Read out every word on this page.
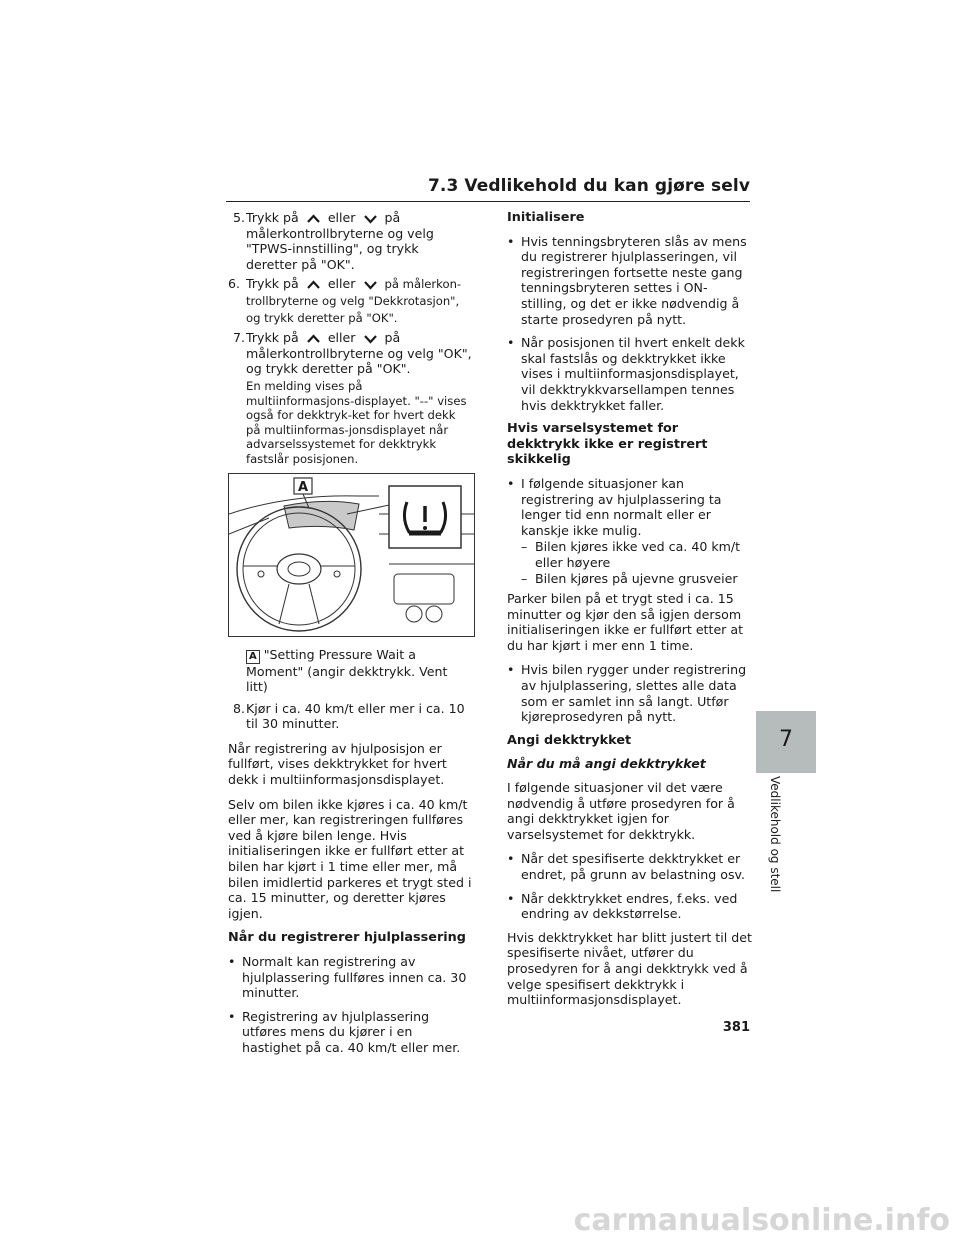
7.3 Vedlikehold du kan gjøre selv
5. Trykk på eller på målerkontrollbryterne og velg "TPWS-innstilling", og trykk deretter på "OK".
6. Trykk på eller	på målerkon-trollbryterne og velg "Dekkrotasjon", og trykk deretter på "OK".
7. Trykk på eller på målerkontrollbryterne og velg "OK", og trykk deretter på "OK".
En melding vises på multiinformasjons-displayet. "--" vises også for dekktryk-ket for hvert dekk på multiinformas-jonsdisplayet når advarselssystemet for dekktrykk fastslår posisjonen.
A
A "Setting Pressure Wait a Moment" (angir dekktrykk. Vent litt)
8. Kjør i ca. 40 km/t eller mer i ca. 10 til 30 minutter.

Når registrering av hjulposisjon er fullført, vises dekktrykket for hvert dekk i multiinformasjonsdisplayet.

Selv om bilen ikke kjøres i ca. 40 km/t eller mer, kan registreringen fullføres ved å kjøre bilen lenge. Hvis initialiseringen ikke er fullført etter at bilen har kjørt i 1 time eller mer, må bilen imidlertid parkeres et trygt sted i ca. 15 minutter, og deretter kjøres igjen.

Når du registrerer hjulplassering
• Normalt kan registrering av hjulplassering fullføres innen ca. 30 minutter.
• Registrering av hjulplassering utføres mens du kjører i en hastighet på ca. 40 km/t eller mer.
Initialisere
• Hvis tenningsbryteren slås av mens du registrerer hjulplasseringen, vil registreringen fortsette neste gang tenningsbryteren settes i ON-stilling, og det er ikke nødvendig å starte prosedyren på nytt.
• Når posisjonen til hvert enkelt dekk skal fastslås og dekktrykket ikke vises i multiinformasjonsdisplayet, vil dekktrykkvarsellampen tennes hvis dekktrykket faller.
Hvis varselsystemet for dekktrykk ikke er registrert skikkelig
• I følgende situasjoner kan registrering av hjulplassering ta lenger tid enn normalt eller er kanskje ikke mulig.
– Bilen kjøres ikke ved ca. 40 km/t eller høyere
– Bilen kjøres på ujevne grusveier

Parker bilen på et trygt sted i ca. 15 minutter og kjør den så igjen dersom initialiseringen ikke er fullført etter at du har kjørt i mer enn 1 time.

• Hvis bilen rygger under registrering av hjulplassering, slettes alle data som er samlet inn så langt. Utfør kjøreprosedyren på nytt.
Angi dekktrykket
Når du må angi dekktrykket

I følgende situasjoner vil det være nødvendig å utføre prosedyren for å angi dekktrykket igjen for varselsystemet for dekktrykk.

• Når det spesifiserte dekktrykket er endret, på grunn av belastning osv.
• Når dekktrykket endres, f.eks. ved endring av dekkstørrelse.

Hvis dekktrykket har blitt justert til det spesifiserte nivået, utfører du prosedyren for å angi dekktrykk ved å velge spesifisert dekktrykk i multiinformasjonsdisplayet.

7
Vedlikehold og stell
381
carmanualsonline.info
